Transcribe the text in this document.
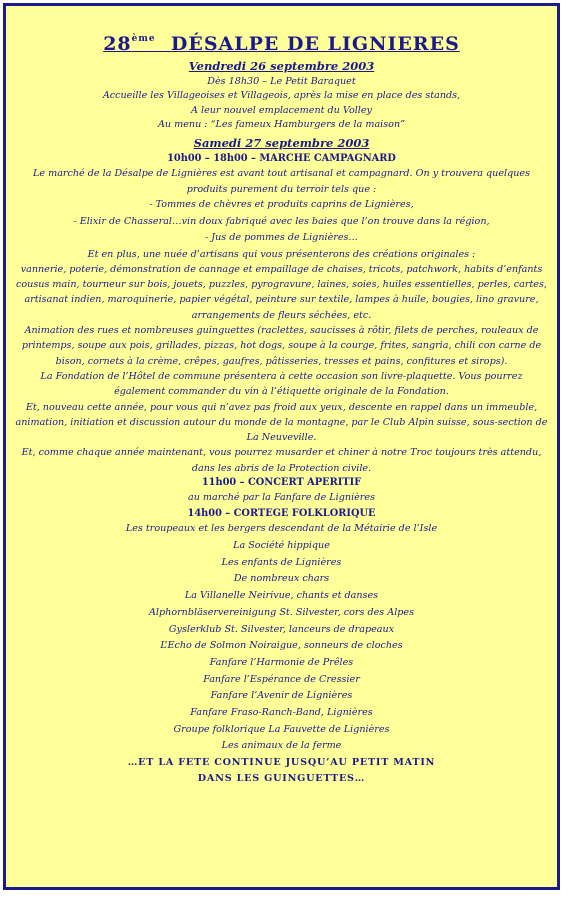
28ème DÉSALPE DE LIGNIERES
Vendredi 26 septembre 2003
Dès 18h30 – Le Petit Baraquet
Accueille les Villageoises et Villageois, après la mise en place des stands,
A leur nouvel emplacement du Volley
Au menu : “Les fameux Hamburgers de la maison”
Samedi 27 septembre 2003
10h00 – 18h00 – MARCHE CAMPAGNARD

Le marché de la Désalpe de Lignières est avant tout artisanal et campagnard. On y trouvera quelques produits purement du terroir tels que :

- Tommes de chèvres et produits caprins de Lignières,
- Elixir de Chasseral…vin doux fabriqué avec les baies que l’on trouve dans la région,
- Jus de pommes de Lignières…

Et en plus, une nuée d’artisans qui vous présenterons des créations originales :

vannerie, poterie, démonstration de cannage et empaillage de chaises, tricots, patchwork, habits d’enfants cousus main, tourneur sur bois, jouets, puzzles, pyrogravure, laines, soies, huiles essentielles, perles, cartes, artisanat indien, maroquinerie, papier végétal, peinture sur textile, lampes à huile, bougies, lino gravure, arrangements de fleurs séchées, etc.

Animation des rues et nombreuses guinguettes (raclettes, saucisses à rôtir, filets de perches, rouleaux de printemps, soupe aux pois, grillades, pizzas, hot dogs, soupe à la courge, frites, sangria, chili con carne de bison, cornets à la crème, crêpes, gaufres, pâtisseries, tresses et pains, confitures et sirops).

La Fondation de l’Hôtel de commune présentera à cette occasion son livre-plaquette. Vous pourrez également commander du vin à l’étiquette originale de la Fondation.

Et, nouveau cette année, pour vous qui n’avez pas froid aux yeux, descente en rappel dans un immeuble, animation, initiation et discussion autour du monde de la montagne, par le Club Alpin suisse, sous-section de La Neuveville.

Et, comme chaque année maintenant, vous pourrez musarder et chiner à notre Troc toujours très attendu, dans les abris de la Protection civile.

11h00 – CONCERT APERITIF
au marché par la Fanfare de Lignières
14h00 – CORTEGE FOLKLORIQUE
Les troupeaux et les bergers descendant de la Métairie de l’Isle
La Société hippique
Les enfants de Lignières
De nombreux chars
La Villanelle Neirivue, chants et danses
Alphornbläservereinigung St. Silvester, cors des Alpes
Gyslerklub St. Silvester, lanceurs de drapeaux
L’Echo de Solmon Noiraigue, sonneurs de cloches
Fanfare l’Harmonie de Prêles
Fanfare l’Espérance de Cressier
Fanfare l’Avenir de Lignières
Fanfare Fraso-Ranch-Band, Lignières
Groupe folklorique La Fauvette de Lignières
Les animaux de la ferme
…ET LA FETE CONTINUE JUSQU’AU PETIT MATIN
DANS LES GUINGUETTES…
